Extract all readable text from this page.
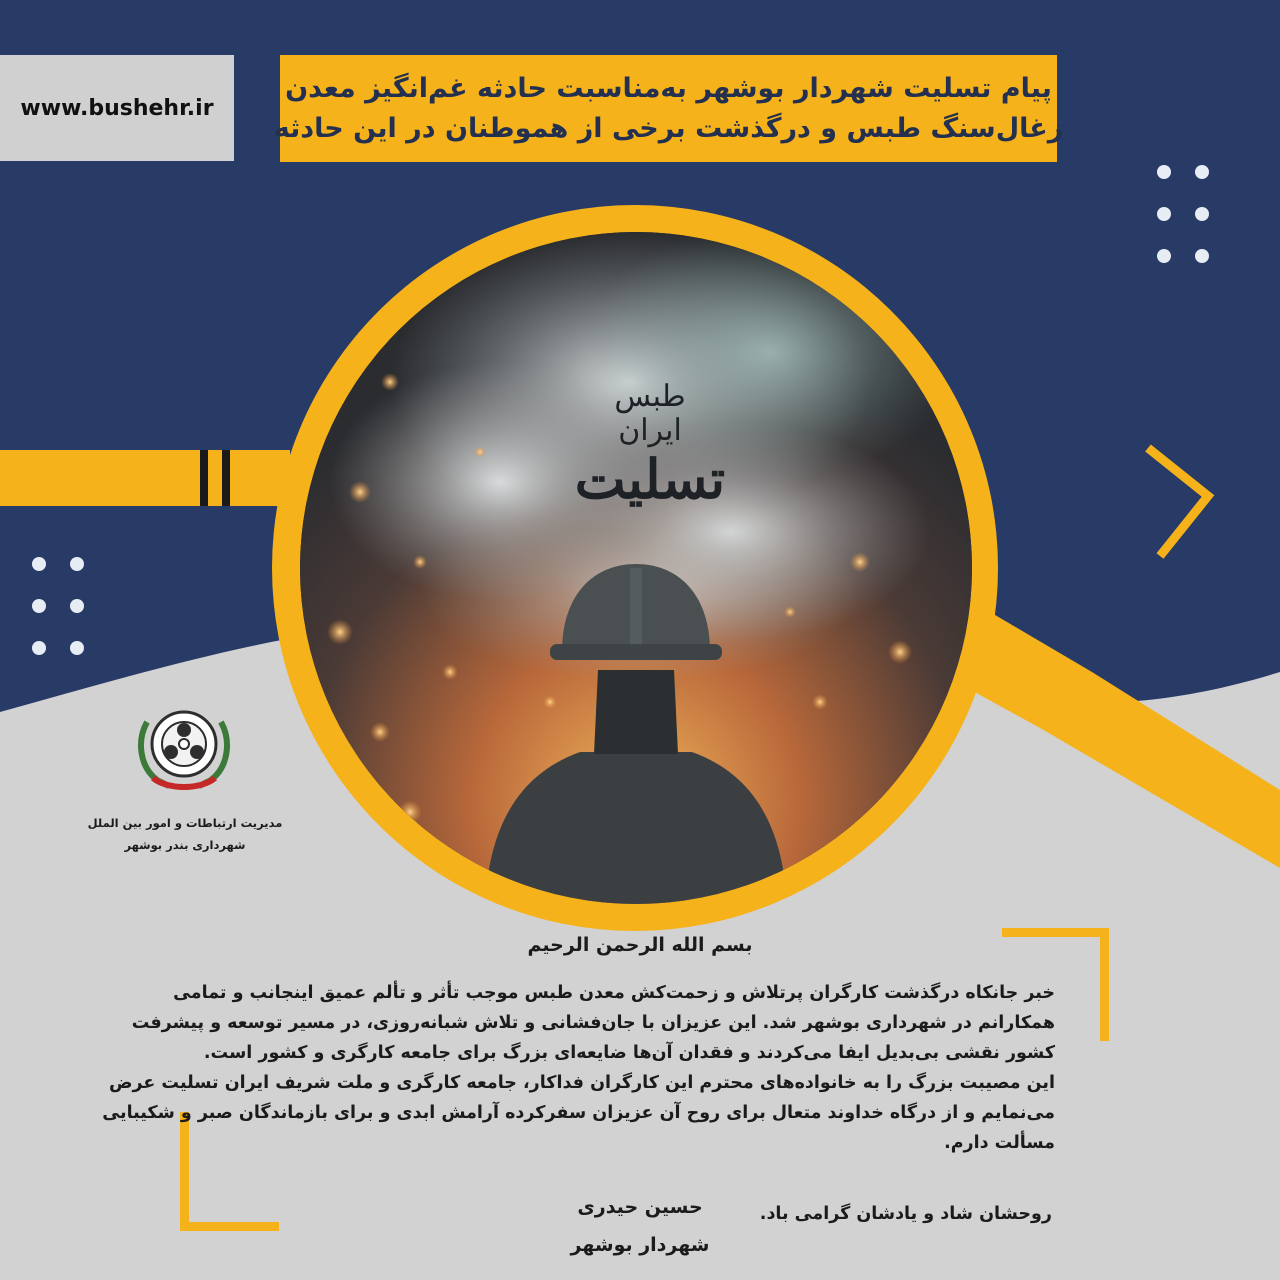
www.bushehr.ir
پیام تسلیت شهردار بوشهر به‌مناسبت حادثه غم‌انگیز معدن
زغال‌سنگ طبس و درگذشت برخی از هموطنان در این حادثه
طبس
ایران
تسلیت
مدیریت ارتباطات و امور بین الملل
شهرداری بندر بوشهر
بسم الله الرحمن الرحیم
خبر جانکاه درگذشت کارگران پرتلاش و زحمت‌کش معدن طبس موجب تأثر و تألم عمیق اینجانب و تمامی
همکارانم در شهرداری بوشهر شد. این عزیزان با جان‌فشانی و تلاش شبانه‌روزی، در مسیر توسعه و پیشرفت
کشور نقشی بی‌بدیل ایفا می‌کردند و فقدان آن‌ها ضایعه‌ای بزرگ برای جامعه کارگری و کشور است.
این مصیبت بزرگ را به خانواده‌های محترم این کارگران فداکار، جامعه کارگری و ملت شریف ایران تسلیت عرض
می‌نمایم و از درگاه خداوند متعال برای روح آن عزیزان سفرکرده آرامش ابدی و برای بازماندگان صبر و شکیبایی
مسألت دارم.
روحشان شاد و یادشان گرامی باد.
حسین حیدری
شهردار بوشهر
